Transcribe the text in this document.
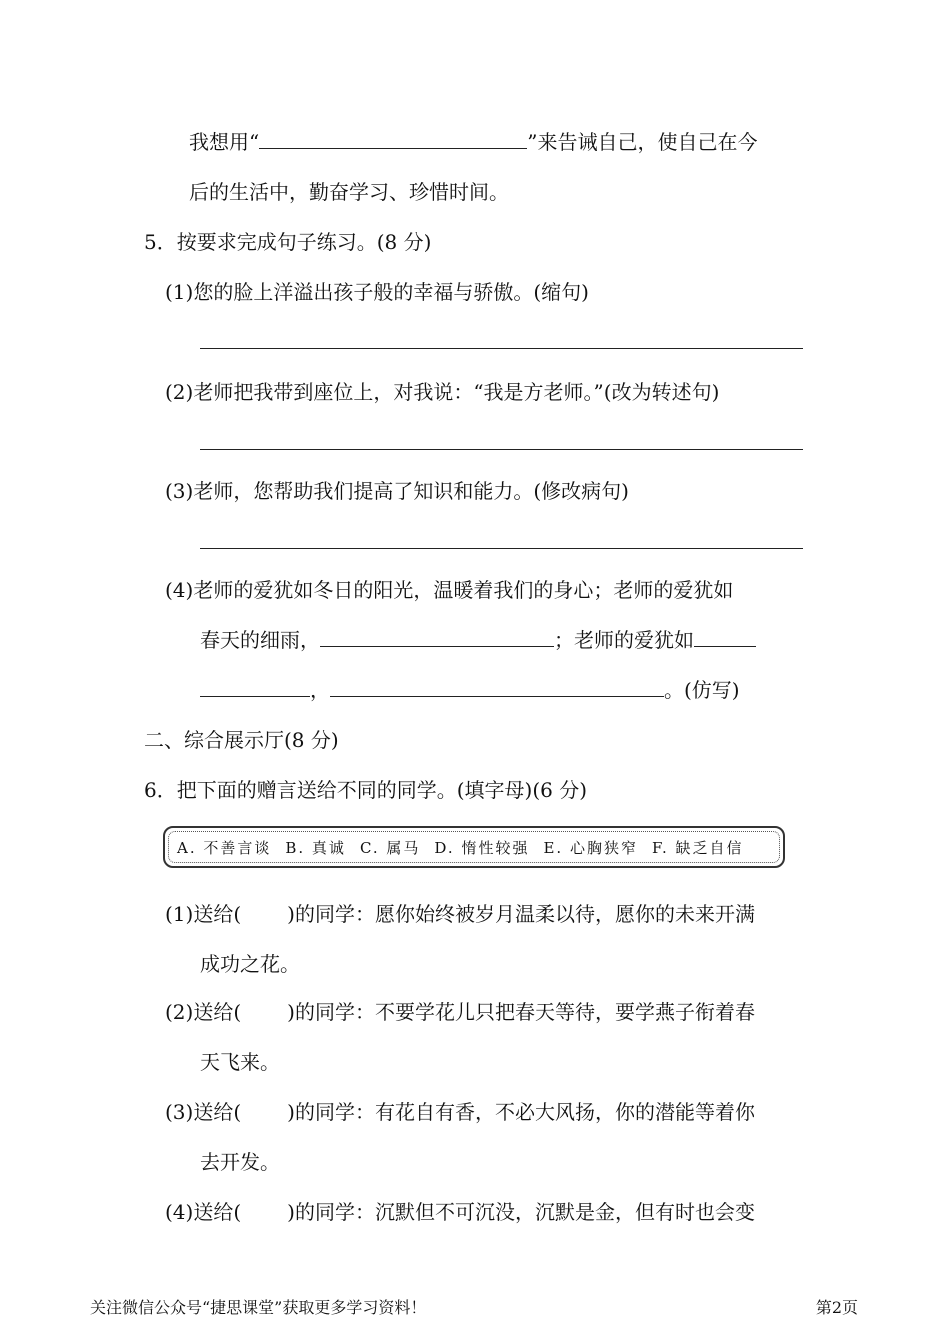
我想用“	”来告诫自己，使自己在今
后的生活中，勤奋学习、珍惜时间。
5．按要求完成句子练习。(8 分)
(1)您的脸上洋溢出孩子般的幸福与骄傲。(缩句)
(2)老师把我带到座位上，对我说：“我是方老师。”(改为转述句)
(3)老师，您帮助我们提高了知识和能力。(修改病句)
(4)老师的爱犹如冬日的阳光，温暖着我们的身心；老师的爱犹如
春天的细雨，	；老师的爱犹如
，	。(仿写)
二、综合展示厅(8 分)
6．把下面的赠言送给不同的同学。(填字母)(6 分)
A. 不善言谈 B. 真诚 C. 属马 D. 惰性较强 E. 心胸狭窄 F. 缺乏自信
(1)送给( )的同学：愿你始终被岁月温柔以待，愿你的未来开满
成功之花。
(2)送给( )的同学：不要学花儿只把春天等待，要学燕子衔着春
天飞来。
(3)送给( )的同学：有花自有香，不必大风扬，你的潜能等着你
去开发。
(4)送给( )的同学：沉默但不可沉没，沉默是金，但有时也会变
关注微信公众号“捷思课堂”获取更多学习资料！	第2页
